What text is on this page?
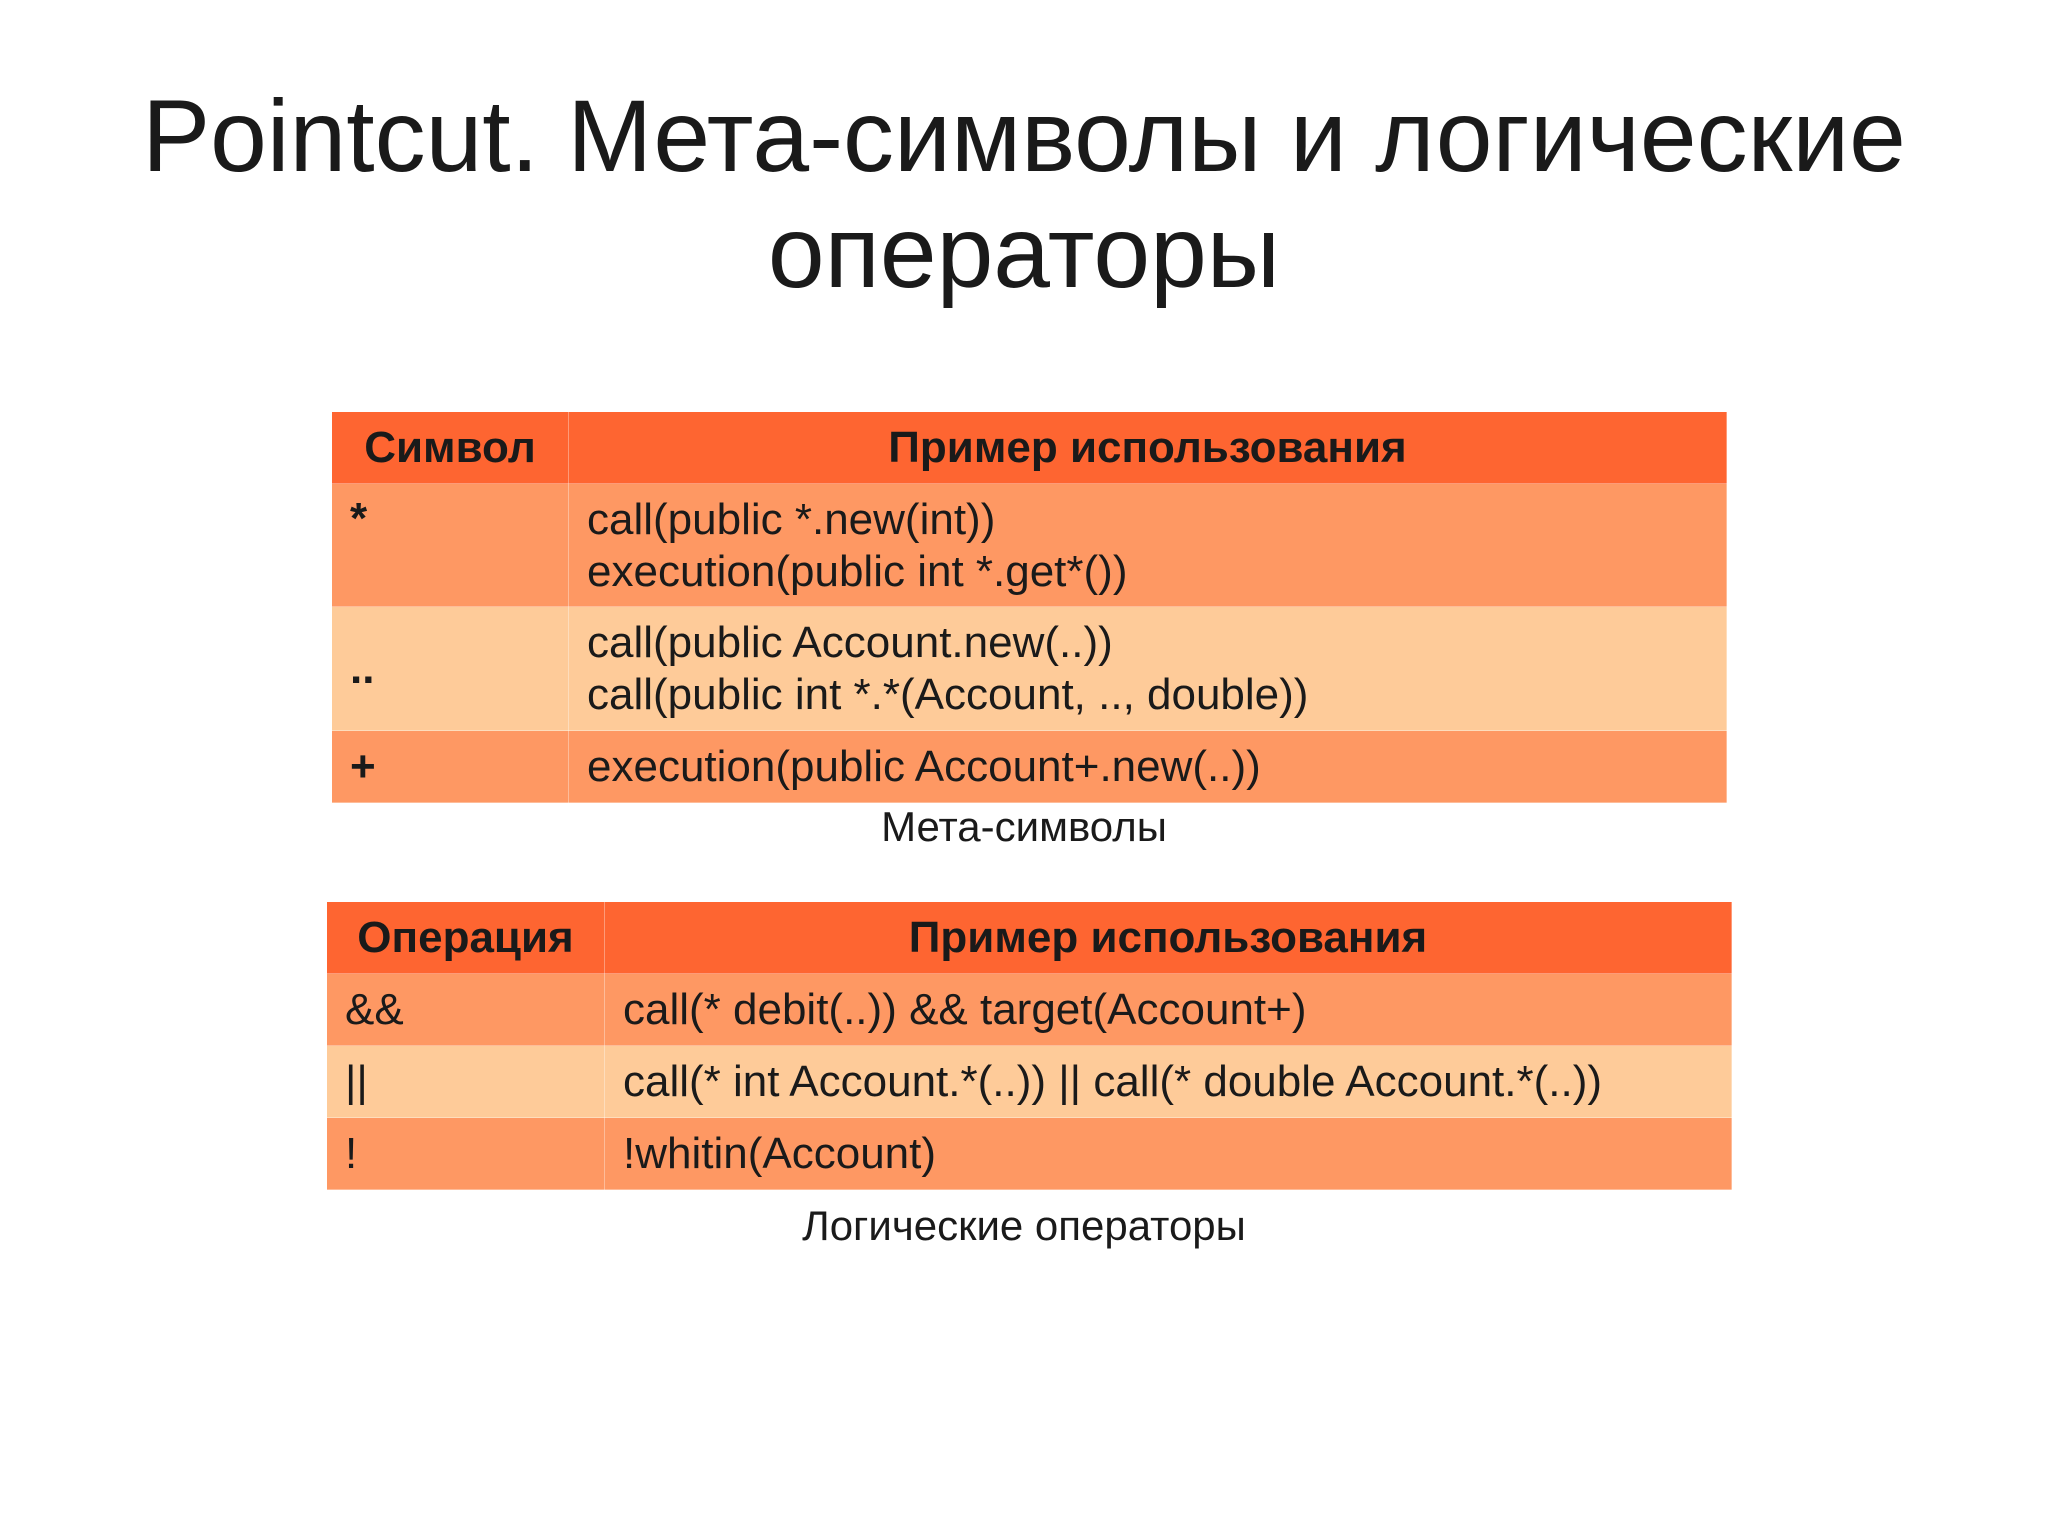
Pointcut. Мета-символы и логические
операторы
Символ	Пример использования
*	call(public *.new(int))
execution(public int *.get*())

..	call(public Account.new(..))
call(public int *.*(Account, .., double))

+	execution(public Account+.new(..))
Мета-символы
Операция	Пример использования
&&	call(* debit(..)) && target(Account+)
||	call(* int Account.*(..)) || call(* double Account.*(..))
!	!whitin(Account)
Логические операторы
